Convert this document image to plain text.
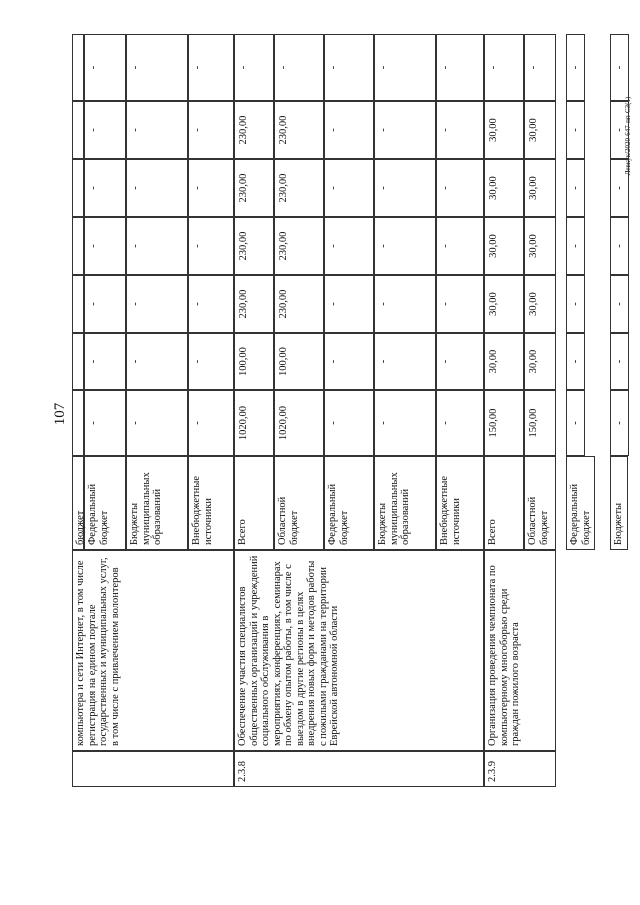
107
Левкук/2020-647-пп-СЗ(1)
компьютера и сети Интернет, в том числе регистрация на едином портале государственных и муниципальных услуг, в том числе с привлечением волонтеров
бюджет Федеральный бюджет
-
-
-
-
-
-
-
Бюджеты муниципальных образований
-
-
-
-
-
-
-
Внебюджетные источники
-
-
-
-
-
-
-
2.3.8
Обеспечение участия специалистов общественных организаций и учреждений социального обслуживания в мероприятиях, конференциях, семинарах по обмену опытом работы, в том числе с выездом в другие регионы в целях внедрения новых форм и методов работы с пожилыми гражданами на территории Еврейской автономной области
Всего
1020,00
100,00
230,00
230,00
230,00
230,00
-
Областной бюджет
1020,00
100,00
230,00
230,00
230,00
230,00
-
Федеральный бюджет
-
-
-
-
-
-
-
Бюджеты муниципальных образований
-
-
-
-
-
-
-
Внебюджетные источники
-
-
-
-
-
-
-
2.3.9
Организация проведения чемпионата по компьютерному многоборью среди граждан пожилого возраста
Всего
150,00
30,00
30,00
30,00
30,00
30,00
-
Областной бюджет
150,00
30,00
30,00
30,00
30,00
30,00
-
Федеральный бюджет
-
-
-
-
-
-
-
Бюджеты
-
-
-
-
-
-
-
